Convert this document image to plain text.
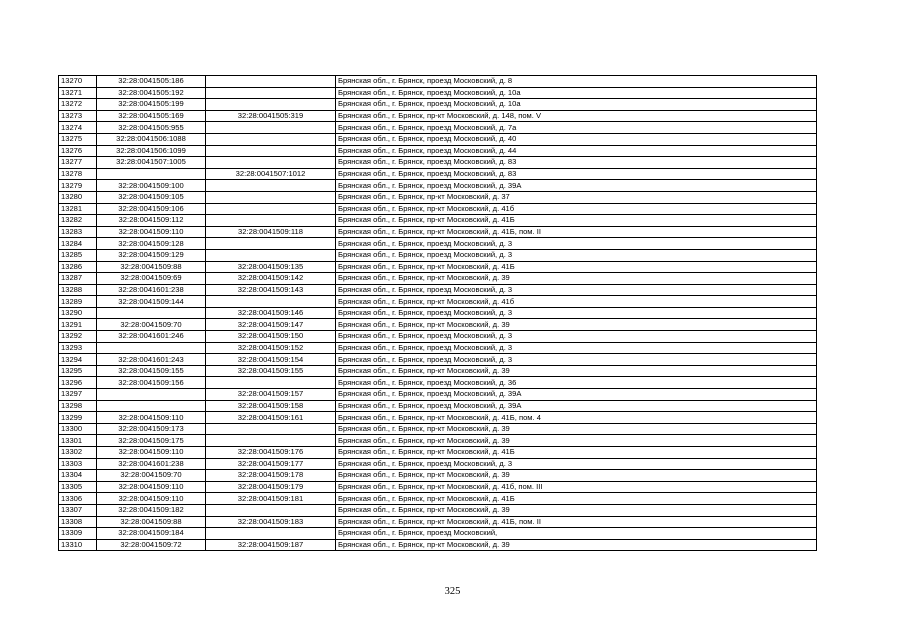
13270	32:28:0041505:186		Брянская обл., г. Брянск, проезд Московский, д. 8
13271	32:28:0041505:192		Брянская обл., г. Брянск, проезд Московский, д. 10а
13272	32:28:0041505:199		Брянская обл., г. Брянск, проезд Московский, д. 10а
13273	32:28:0041505:169	32:28:0041505:319	Брянская обл., г. Брянск, пр-кт Московский, д. 148, пом. V
13274	32:28:0041505:955		Брянская обл., г. Брянск, проезд Московский, д. 7а
13275	32:28:0041506:1088		Брянская обл., г. Брянск, проезд Московский, д. 40
13276	32:28:0041506:1099		Брянская обл., г. Брянск, проезд Московский, д. 44
13277	32:28:0041507:1005		Брянская обл., г. Брянск, проезд Московский, д. 83
13278		32:28:0041507:1012	Брянская обл., г. Брянск, проезд Московский, д. 83
13279	32:28:0041509:100		Брянская обл., г. Брянск, проезд Московский, д. 39А
13280	32:28:0041509:105		Брянская обл., г. Брянск, пр-кт Московский, д. 37
13281	32:28:0041509:106		Брянская обл., г. Брянск, пр-кт Московский, д. 41б
13282	32:28:0041509:112		Брянская обл., г. Брянск, пр-кт Московский, д. 41Б
13283	32:28:0041509:110	32:28:0041509:118	Брянская обл., г. Брянск, пр-кт Московский, д. 41Б, пом. II
13284	32:28:0041509:128		Брянская обл., г. Брянск, проезд Московский, д. 3
13285	32:28:0041509:129		Брянская обл., г. Брянск, проезд Московский, д. 3
13286	32:28:0041509:88	32:28:0041509:135	Брянская обл., г. Брянск, пр-кт Московский, д. 41Б
13287	32:28:0041509:69	32:28:0041509:142	Брянская обл., г. Брянск, пр-кт Московский, д. 39
13288	32:28:0041601:238	32:28:0041509:143	Брянская обл., г. Брянск, проезд Московский, д. 3
13289	32:28:0041509:144		Брянская обл., г. Брянск, пр-кт Московский, д. 41б
13290		32:28:0041509:146	Брянская обл., г. Брянск, проезд Московский, д. 3
13291	32:28:0041509:70	32:28:0041509:147	Брянская обл., г. Брянск, пр-кт Московский, д. 39
13292	32:28:0041601:246	32:28:0041509:150	Брянская обл., г. Брянск, проезд Московский, д. 3
13293		32:28:0041509:152	Брянская обл., г. Брянск, проезд Московский, д. 3
13294	32:28:0041601:243	32:28:0041509:154	Брянская обл., г. Брянск, проезд Московский, д. 3
13295	32:28:0041509:155	32:28:0041509:155	Брянская обл., г. Брянск, пр-кт Московский, д. 39
13296	32:28:0041509:156		Брянская обл., г. Брянск, проезд Московский, д. 36
13297		32:28:0041509:157	Брянская обл., г. Брянск, проезд Московский, д. 39А
13298		32:28:0041509:158	Брянская обл., г. Брянск, проезд Московский, д. 39А
13299	32:28:0041509:110	32:28:0041509:161	Брянская обл., г. Брянск, пр-кт Московский, д. 41Б, пом. 4
13300	32:28:0041509:173		Брянская обл., г. Брянск, пр-кт Московский, д. 39
13301	32:28:0041509:175		Брянская обл., г. Брянск, пр-кт Московский, д. 39
13302	32:28:0041509:110	32:28:0041509:176	Брянская обл., г. Брянск, пр-кт Московский, д. 41Б
13303	32:28:0041601:238	32:28:0041509:177	Брянская обл., г. Брянск, проезд Московский, д. 3
13304	32:28:0041509:70	32:28:0041509:178	Брянская обл., г. Брянск, пр-кт Московский, д. 39
13305	32:28:0041509:110	32:28:0041509:179	Брянская обл., г. Брянск, пр-кт Московский, д. 41б, пом. III
13306	32:28:0041509:110	32:28:0041509:181	Брянская обл., г. Брянск, пр-кт Московский, д. 41Б
13307	32:28:0041509:182		Брянская обл., г. Брянск, пр-кт Московский, д. 39
13308	32:28:0041509:88	32:28:0041509:183	Брянская обл., г. Брянск, пр-кт Московский, д. 41Б, пом. II
13309	32:28:0041509:184		Брянская обл., г. Брянск, проезд Московский,
13310	32:28:0041509:72	32:28:0041509:187	Брянская обл., г. Брянск, пр-кт Московский, д. 39
325
